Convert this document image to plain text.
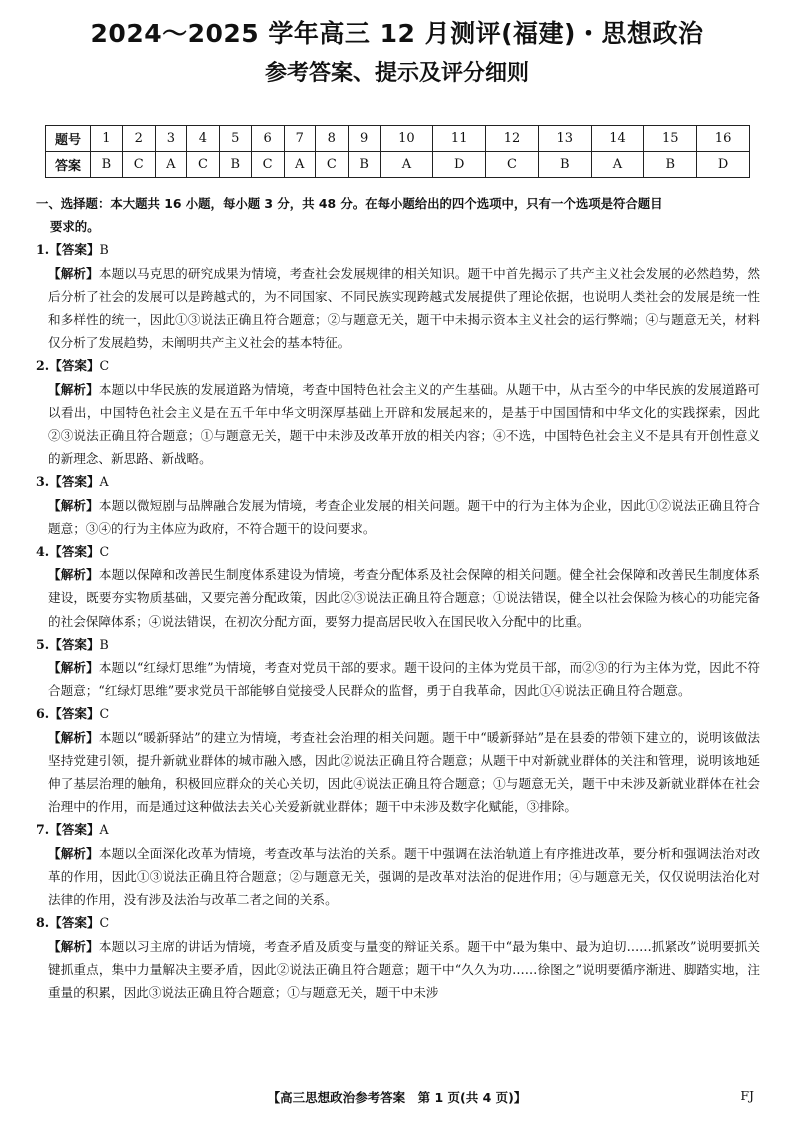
2024～2025 学年高三 12 月测评(福建)・思想政治
参考答案、提示及评分细则
题号	1	2	3	4	5	6	7	8	9	10	11	12	13	14	15	16
答案	B	C	A	C	B	C	A	C	B	A	D	C	B	A	B	D
一、选择题：本大题共 16 小题，每小题 3 分，共 48 分。在每小题给出的四个选项中，只有一个选项是符合题目
要求的。

1.【答案】B

【解析】本题以马克思的研究成果为情境，考查社会发展规律的相关知识。题干中首先揭示了共产主义社会发展的必然趋势，然后分析了社会的发展可以是跨越式的，为不同国家、不同民族实现跨越式发展提供了理论依据，也说明人类社会的发展是统一性和多样性的统一，因此①③说法正确且符合题意；②与题意无关，题干中未揭示资本主义社会的运行弊端；④与题意无关，材料仅分析了发展趋势，未阐明共产主义社会的基本特征。

2.【答案】C

【解析】本题以中华民族的发展道路为情境，考查中国特色社会主义的产生基础。从题干中，从古至今的中华民族的发展道路可以看出，中国特色社会主义是在五千年中华文明深厚基础上开辟和发展起来的，是基于中国国情和中华文化的实践探索，因此②③说法正确且符合题意；①与题意无关，题干中未涉及改革开放的相关内容；④不选，中国特色社会主义不是具有开创性意义的新理念、新思路、新战略。

3.【答案】A

【解析】本题以微短剧与品牌融合发展为情境，考查企业发展的相关问题。题干中的行为主体为企业，因此①②说法正确且符合题意；③④的行为主体应为政府，不符合题干的设问要求。

4.【答案】C

【解析】本题以保障和改善民生制度体系建设为情境，考查分配体系及社会保障的相关问题。健全社会保障和改善民生制度体系建设，既要夯实物质基础，又要完善分配政策，因此②③说法正确且符合题意；①说法错误，健全以社会保险为核心的功能完备的社会保障体系；④说法错误，在初次分配方面，要努力提高居民收入在国民收入分配中的比重。

5.【答案】B

【解析】本题以“红绿灯思维”为情境，考查对党员干部的要求。题干设问的主体为党员干部，而②③的行为主体为党，因此不符合题意；“红绿灯思维”要求党员干部能够自觉接受人民群众的监督，勇于自我革命，因此①④说法正确且符合题意。

6.【答案】C

【解析】本题以“暖新驿站”的建立为情境，考查社会治理的相关问题。题干中“暖新驿站”是在县委的带领下建立的，说明该做法坚持党建引领，提升新就业群体的城市融入感，因此②说法正确且符合题意；从题干中对新就业群体的关注和管理，说明该地延伸了基层治理的触角，积极回应群众的关心关切，因此④说法正确且符合题意；①与题意无关，题干中未涉及新就业群体在社会治理中的作用，而是通过这种做法去关心关爱新就业群体；题干中未涉及数字化赋能，③排除。

7.【答案】A

【解析】本题以全面深化改革为情境，考查改革与法治的关系。题干中强调在法治轨道上有序推进改革，要分析和强调法治对改革的作用，因此①③说法正确且符合题意；②与题意无关，强调的是改革对法治的促进作用；④与题意无关，仅仅说明法治化对法律的作用，没有涉及法治与改革二者之间的关系。

8.【答案】C

【解析】本题以习主席的讲话为情境，考查矛盾及质变与量变的辩证关系。题干中“最为集中、最为迫切……抓紧改”说明要抓关键抓重点，集中力量解决主要矛盾，因此②说法正确且符合题意；题干中“久久为功……徐图之”说明要循序渐进、脚踏实地，注重量的积累，因此③说法正确且符合题意；①与题意无关，题干中未涉

【高三思想政治参考答案　第 1 页(共 4 页)】	FJ
